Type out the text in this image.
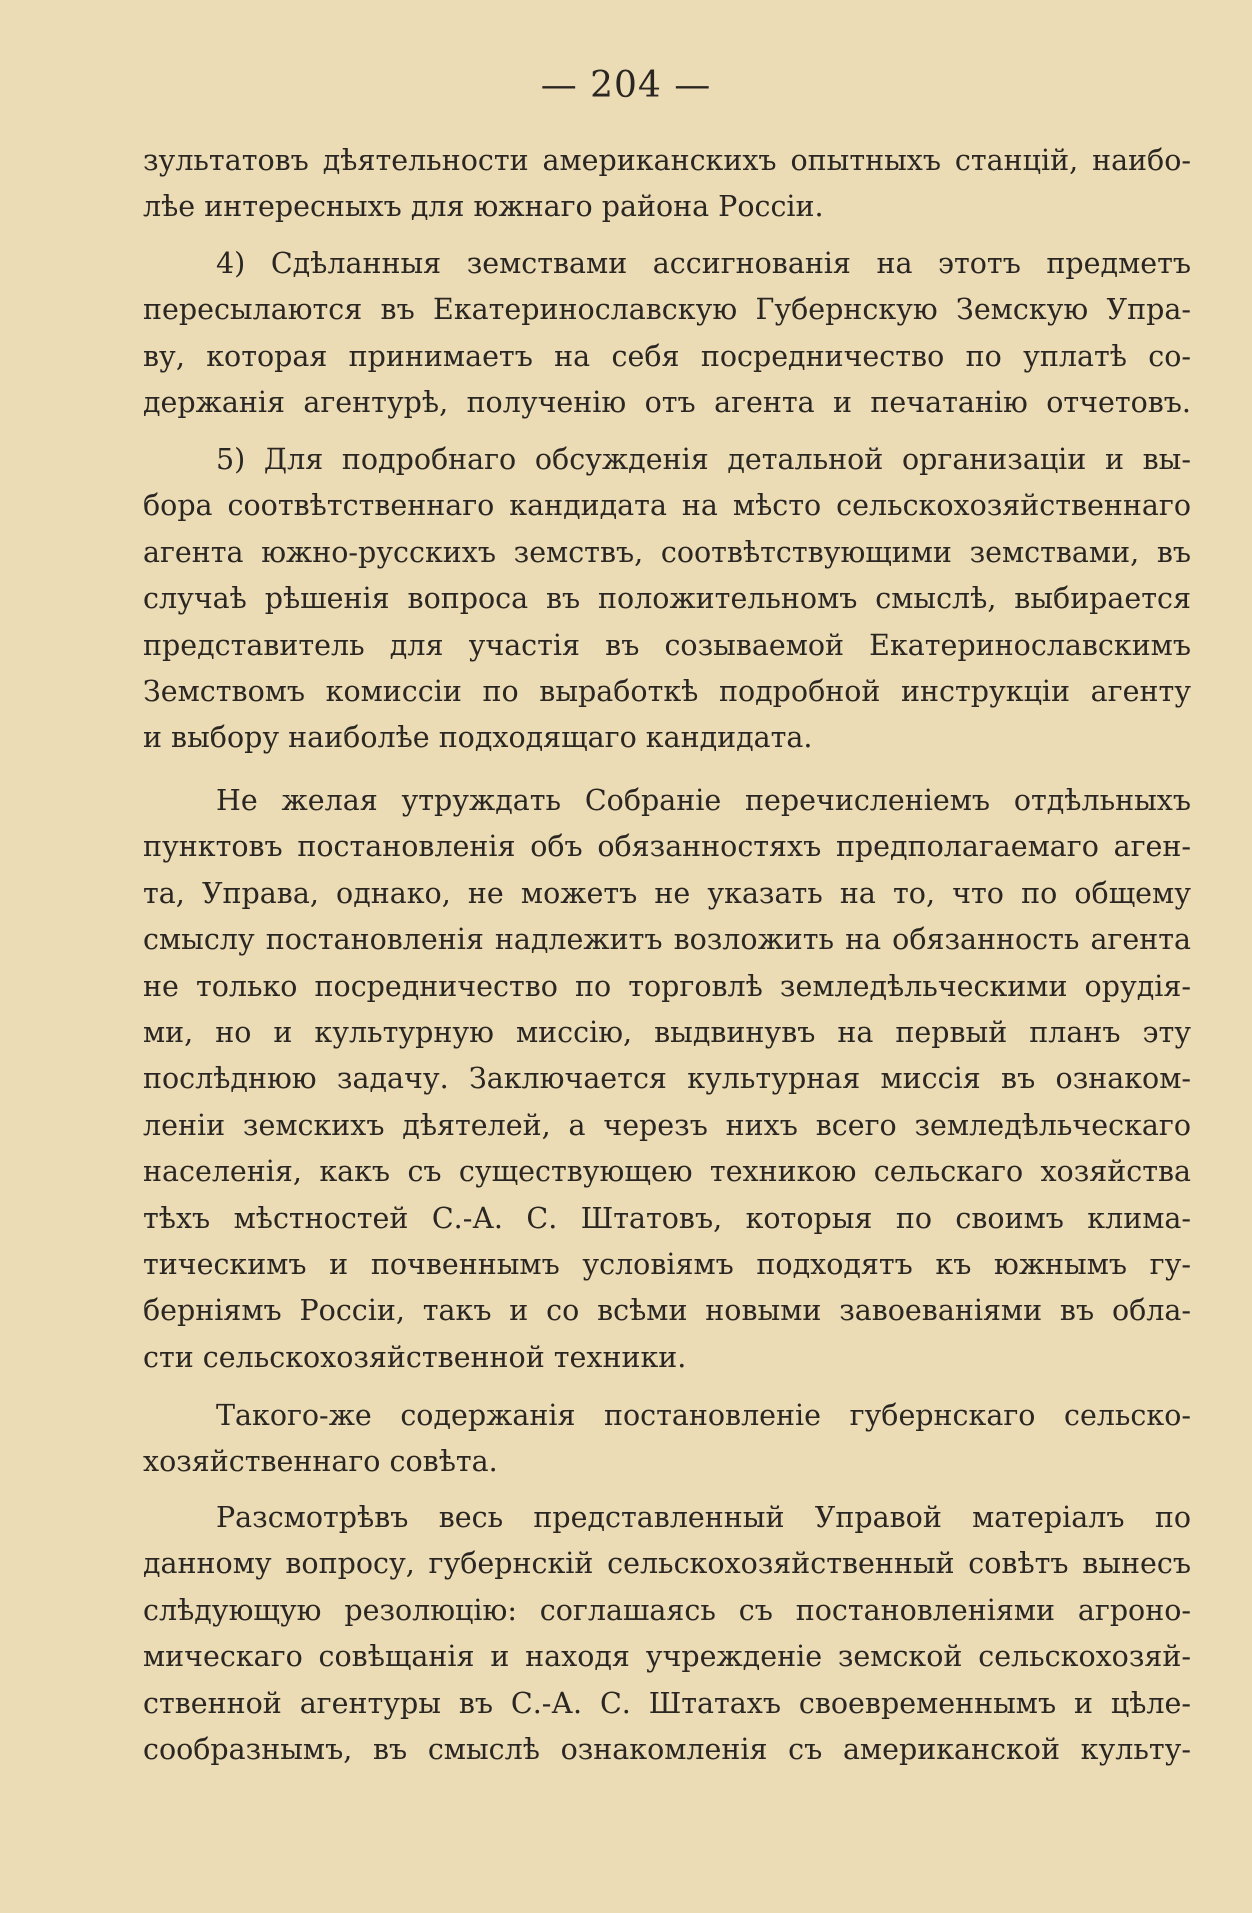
— 204 —
зультатовъ дѣятельности американскихъ опытныхъ станцій, наибо-
лѣе интересныхъ для южнаго района Россіи.
4) Сдѣланныя земствами ассигнованія на этотъ предметъ
пересылаются въ Екатеринославскую Губернскую Земскую Упра-
ву, которая принимаетъ на себя посредничество по уплатѣ со-
держанія агентурѣ, полученію отъ агента и печатанію отчетовъ.
5) Для подробнаго обсужденія детальной организаціи и вы-
бора соотвѣтственнаго кандидата на мѣсто сельскохозяйственнаго
агента южно-русскихъ земствъ, соотвѣтствующими земствами, въ
случаѣ рѣшенія вопроса въ положительномъ смыслѣ, выбирается
представитель для участія въ созываемой Екатеринославскимъ
Земствомъ комиссіи по выработкѣ подробной инструкціи агенту
и выбору наиболѣе подходящаго кандидата.
Не желая утруждать Собраніе перечисленіемъ отдѣльныхъ
пунктовъ постановленія объ обязанностяхъ предполагаемаго аген-
та, Управа, однако, не можетъ не указать на то, что по общему
смыслу постановленія надлежитъ возложить на обязанность агента
не только посредничество по торговлѣ земледѣльческими орудія-
ми, но и культурную миссію, выдвинувъ на первый планъ эту
послѣднюю задачу. Заключается культурная миссія въ ознаком-
леніи земскихъ дѣятелей, а черезъ нихъ всего земледѣльческаго
населенія, какъ съ существующею техникою сельскаго хозяйства
тѣхъ мѣстностей С.-А. С. Штатовъ, которыя по своимъ клима-
тическимъ и почвеннымъ условіямъ подходятъ къ южнымъ гу-
берніямъ Россіи, такъ и со всѣми новыми завоеваніями въ обла-
сти сельскохозяйственной техники.
Такого-же содержанія постановленіе губернскаго сельско-
хозяйственнаго совѣта.
Разсмотрѣвъ весь представленный Управой матеріалъ по
данному вопросу, губернскій сельскохозяйственный совѣтъ вынесъ
слѣдующую резолюцію: соглашаясь съ постановленіями агроно-
мическаго совѣщанія и находя учрежденіе земской сельскохозяй-
ственной агентуры въ С.-А. С. Штатахъ своевременнымъ и цѣле-
сообразнымъ, въ смыслѣ ознакомленія съ американской культу-
